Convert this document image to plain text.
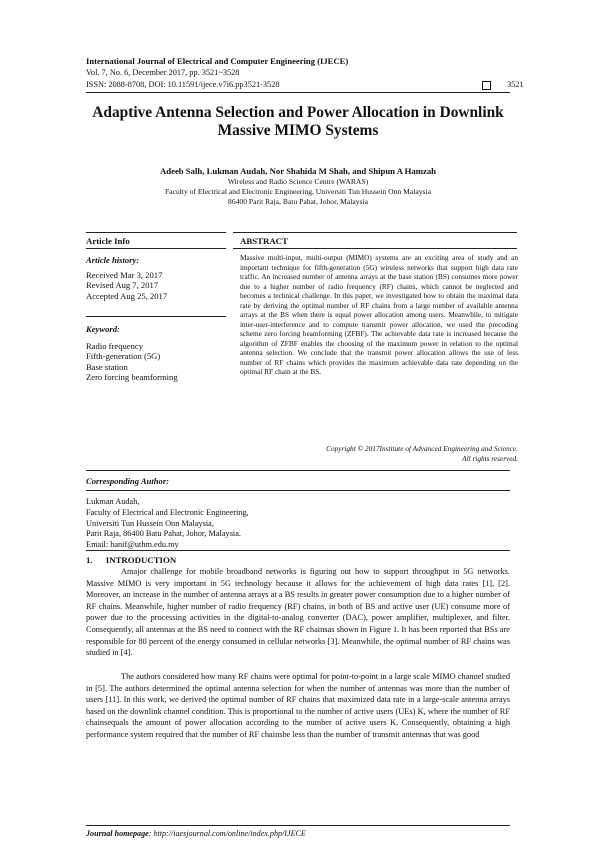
International Journal of Electrical and Computer Engineering (IJECE)
Vol. 7, No. 6, December 2017, pp. 3521~3528
ISSN: 2088-8708, DOI: 10.11591/ijece.v7i6.pp3521-3528	3521
Adaptive Antenna Selection and Power Allocation in Downlink
Massive MIMO Systems
Adeeb Salh, Lukman Audah, Nor Shahida M Shah, and Shipun A Hamzah
Wireless and Radio Science Centre (WARAS)
Faculty of Electrical and Electronic Engineering, Universiti Tun Hussein Onn Malaysia
86400 Parit Raja, Batu Pahat, Johor, Malaysia
Article Info	ABSTRACT
Article history:
Received Mar 3, 2017
Revised Aug 7, 2017
Accepted Aug 25, 2017
Keyword:
Radio frequency
Fifth-generation (5G)
Base station
Zero forcing beamforming
Massive multi-input, multi-output (MIMO) systems are an exciting area of study and an important technique for fifth-generation (5G) wireless networks that support high data rate traffic. An increased number of antenna arrays at the base station (BS) consumes more power due to a higher number of radio frequency (RF) chains, which cannot be neglected and becomes a technical challenge. In this paper, we investigated how to obtain the maximal data rate by deriving the optimal number of RF chains from a large number of available antenna arrays at the BS when there is equal power allocation among users. Meanwhile, to mitigate inter-user-interference and to compute transmit power allocation, we used the precoding scheme zero forcing beamforming (ZFBF). The achievable data rate is increased because the algorithm of ZFBF enables the choosing of the maximum power in relation to the optimal antenna selection. We conclude that the transmit power allocation allows the use of less number of RF chains which provides the maximum achievable data rate depending on the optimal RF chain at the BS.
Copyright © 2017Institute of Advanced Engineering and Science.
All rights reserved.
Corresponding Author:
Lukman Audah,
Faculty of Electrical and Electronic Engineering,
Universiti Tun Hussein Onn Malaysia,
Parit Raja, 86400 Batu Pahat, Johor, Malaysia.
Email: hanif@uthm.edu.my
1.      INTRODUCTION
Amajor challenge for mobile broadband networks is figuring out how to support throughput in 5G networks. Massive MIMO is very important in 5G technology because it allows for the achievement of high data rates [1], [2]. Moreover, an increase in the number of antenna arrays at a BS results in greater power consumption due to a higher number of RF chains. Meanwhile, higher number of radio frequency (RF) chains, in both of BS and active user (UE) consume more of power due to the processing activities in the digital-to-analog converter (DAC), power amplifier, multiplexer, and filter. Consequently, all antennas at the BS need to connect with the RF chainsas shown in Figure 1. It has been reported that BSs are responsible for 80 percent of the energy consumed in cellular networks [3]. Meanwhile, the optimal number of RF chains was studied in [4].
The authors considered how many RF chains were optimal for point-to-point in a large scale MIMO channel studied in [5]. The authors determined the optimal antenna selection for when the number of antennas was more than the number of users [11]. In this work, we derived the optimal number of RF chains that maximized data rate in a large-scale antenna arrays based on the downlink channel condition. This is proportional to the number of active users (UEs) K, where the number of RF chainsequals the amount of power allocation according to the number of active users K. Consequently, obtaining a high performance system required that the number of RF chainsbe less than the number of transmit antennas that was good
Journal homepage: http://iaesjournal.com/online/index.php/IJECE
